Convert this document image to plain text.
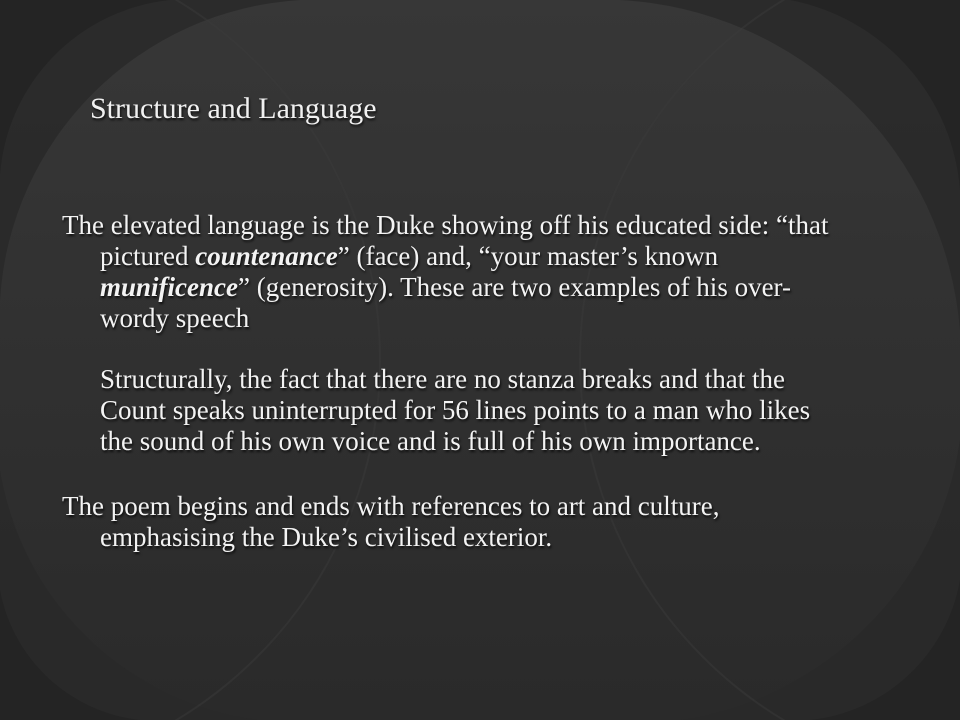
Structure and Language

The elevated language is the Duke showing off his educated side: “that pictured countenance” (face) and, “your master’s known munificence” (generosity). These are two examples of his over-wordy speech

Structurally, the fact that there are no stanza breaks and that the Count speaks uninterrupted for 56 lines points to a man who likes the sound of his own voice and is full of his own importance.

The poem begins and ends with references to art and culture, emphasising the Duke’s civilised exterior.
